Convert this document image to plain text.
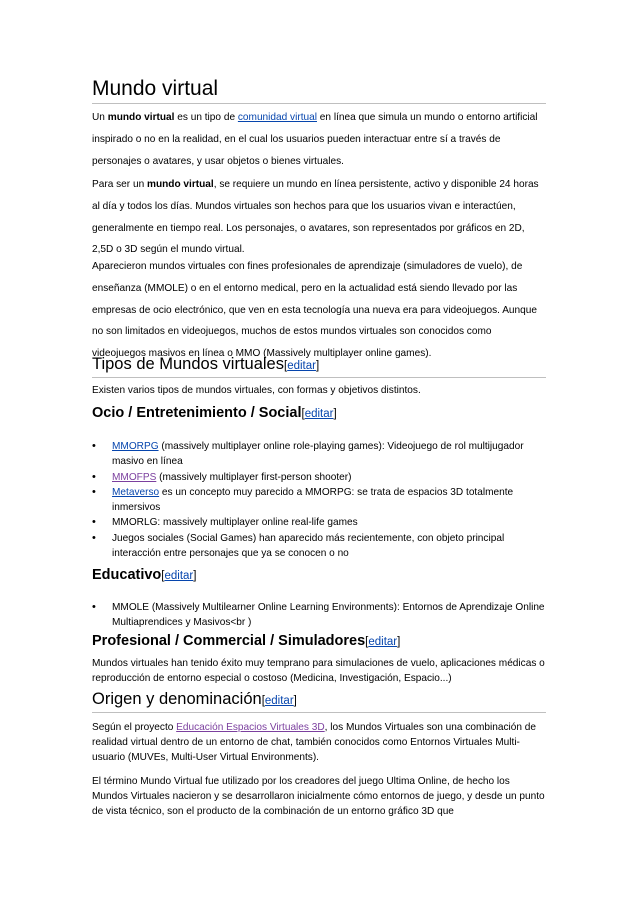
Mundo virtual

Un mundo virtual es un tipo de comunidad virtual en línea que simula un mundo o entorno artificial inspirado o no en la realidad, en el cual los usuarios pueden interactuar entre sí a través de personajes o avatares, y usar objetos o bienes virtuales.

Para ser un mundo virtual, se requiere un mundo en línea persistente, activo y disponible 24 horas al día y todos los días. Mundos virtuales son hechos para que los usuarios vivan e interactúen, generalmente en tiempo real. Los personajes, o avatares, son representados por gráficos en 2D, 2,5D o 3D según el mundo virtual.

Aparecieron mundos virtuales con fines profesionales de aprendizaje (simuladores de vuelo), de enseñanza (MMOLE) o en el entorno medical, pero en la actualidad está siendo llevado por las empresas de ocio electrónico, que ven en esta tecnología una nueva era para videojuegos. Aunque no son limitados en videojuegos, muchos de estos mundos virtuales son conocidos como videojuegos masivos en línea o MMO (Massively multiplayer online games).

Tipos de Mundos virtuales[editar]

Existen varios tipos de mundos virtuales, con formas y objetivos distintos.

Ocio / Entretenimiento / Social[editar]
• MMORPG (massively multiplayer online role-playing games): Videojuego de rol multijugador masivo en línea
• MMOFPS (massively multiplayer first-person shooter)
• Metaverso es un concepto muy parecido a MMORPG: se trata de espacios 3D totalmente inmersivos
• MMORLG: massively multiplayer online real-life games
• Juegos sociales (Social Games) han aparecido más recientemente, con objeto principal interacción entre personajes que ya se conocen o no
Educativo[editar]
• MMOLE (Massively Multilearner Online Learning Environments): Entornos de Aprendizaje Online Multiaprendices y Masivos<br )
Profesional / Commercial / Simuladores[editar]

Mundos virtuales han tenido éxito muy temprano para simulaciones de vuelo, aplicaciones médicas o reproducción de entorno especial o costoso (Medicina, Investigación, Espacio...)

Origen y denominación[editar]

Según el proyecto Educación Espacios Virtuales 3D, los Mundos Virtuales son una combinación de realidad virtual dentro de un entorno de chat, también conocidos como Entornos Virtuales Multi-usuario (MUVEs, Multi-User Virtual Environments).

El término Mundo Virtual fue utilizado por los creadores del juego Ultima Online, de hecho los Mundos Virtuales nacieron y se desarrollaron inicialmente cómo entornos de juego, y desde un punto de vista técnico, son el producto de la combinación de un entorno gráfico 3D que
